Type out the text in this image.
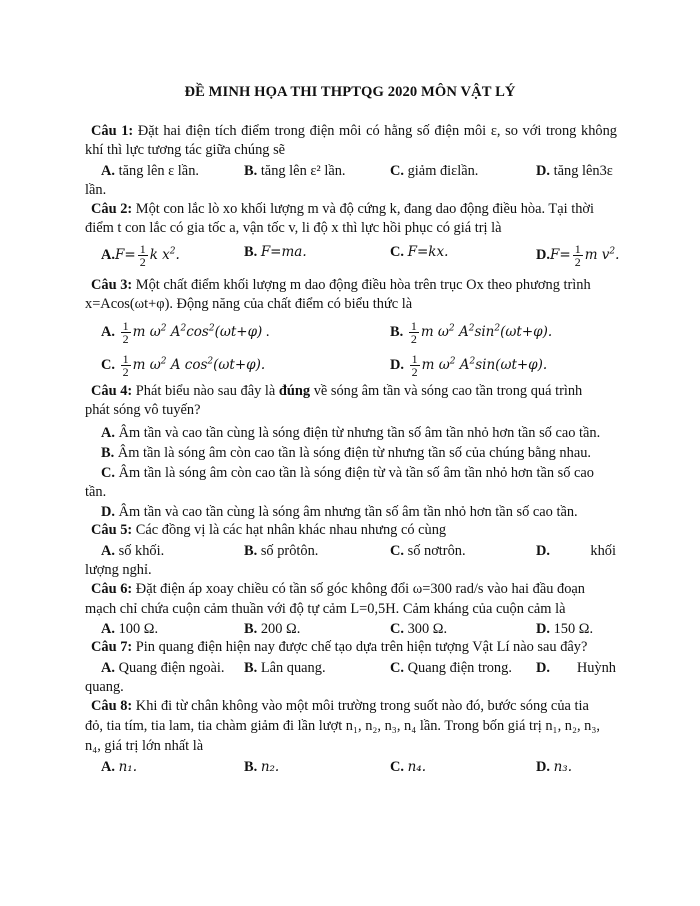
ĐỀ MINH HỌA THI THPTQG 2020 MÔN VẬT LÝ
Câu 1: Đặt hai điện tích điểm trong điện môi có hằng số điện môi ε, so với trong không khí thì lực tương tác giữa chúng sẽ
A. tăng lên ε lần.	B. tăng lên ε² lần.	C. giảm điεlần.	D. tăng lên3ε
lần.
Câu 2: Một con lắc lò xo khối lượng m và độ cứng k, đang dao động điều hòa. Tại thời
điểm t con lắc có gia tốc a, vận tốc v, li độ x thì lực hồi phục có giá trị là
$A.F= \frac{1}{2}$ k $x^2$.	B. F=ma.	C. F=kx.	$D.F= \frac{1}{2}$ m $v^2$.
Câu 3: Một chất điểm khối lượng m dao động điều hòa trên trục Ox theo phương trình
x=Acos(ωt+φ). Động năng của chất điểm có biểu thức là
A. $\frac{1}{2}$ m $\omega^2$ $A^2\cos^2(\omega t+\varphi)$ .	B. $\frac{1}{2}$ m $\omega^2$ $A^2\sin^2(\omega t+\varphi)$.
C. $\frac{1}{2}$ m $\omega^2$ A $\cos^2(\omega t+\varphi)$.	D. $\frac{1}{2}$ m $\omega^2$ $A^2\sin(\omega t+\varphi)$.
Câu 4: Phát biểu nào sau đây là đúng về sóng âm tần và sóng cao tần trong quá trình
phát sóng vô tuyến?
A. Âm tần và cao tần cùng là sóng điện từ nhưng tần số âm tần nhỏ hơn tần số cao tần.
B. Âm tần là sóng âm còn cao tần là sóng điện từ nhưng tần số của chúng bằng nhau.
C. Âm tần là sóng âm còn cao tần là sóng điện từ và tần số âm tần nhỏ hơn tần số cao
tần.
D. Âm tần và cao tần cùng là sóng âm nhưng tần số âm tần nhỏ hơn tần số cao tần.
Câu 5: Các đồng vị là các hạt nhân khác nhau nhưng có cùng
A. số khối.	B. số prôtôn.	C. số nơtrôn.	D.	khối
lượng nghỉ.
Câu 6: Đặt điện áp xoay chiều có tần số góc không đổi ω=300 rad/s vào hai đầu đoạn
mạch chỉ chứa cuộn cảm thuần với độ tự cảm L=0,5H. Cảm kháng của cuộn cảm là
A. 100 Ω.	B. 200 Ω.	C. 300 Ω.	D. 150 Ω.
Câu 7: Pin quang điện hiện nay được chế tạo dựa trên hiện tượng Vật Lí nào sau đây?
A. Quang điện ngoài. B. Lân quang.	C. Quang điện trong. D. Huỳnh
quang.
Câu 8: Khi đi từ chân không vào một môi trường trong suốt nào đó, bước sóng của tia
đỏ, tia tím, tia lam, tia chàm giảm đi lần lượt n₁, n₂, n₃, n₄ lần. Trong bốn giá trị n₁, n₂, n₃,
n₄, giá trị lớn nhất là
A. n₁.	B. n₂.	C. n₄.	D. n₃.
